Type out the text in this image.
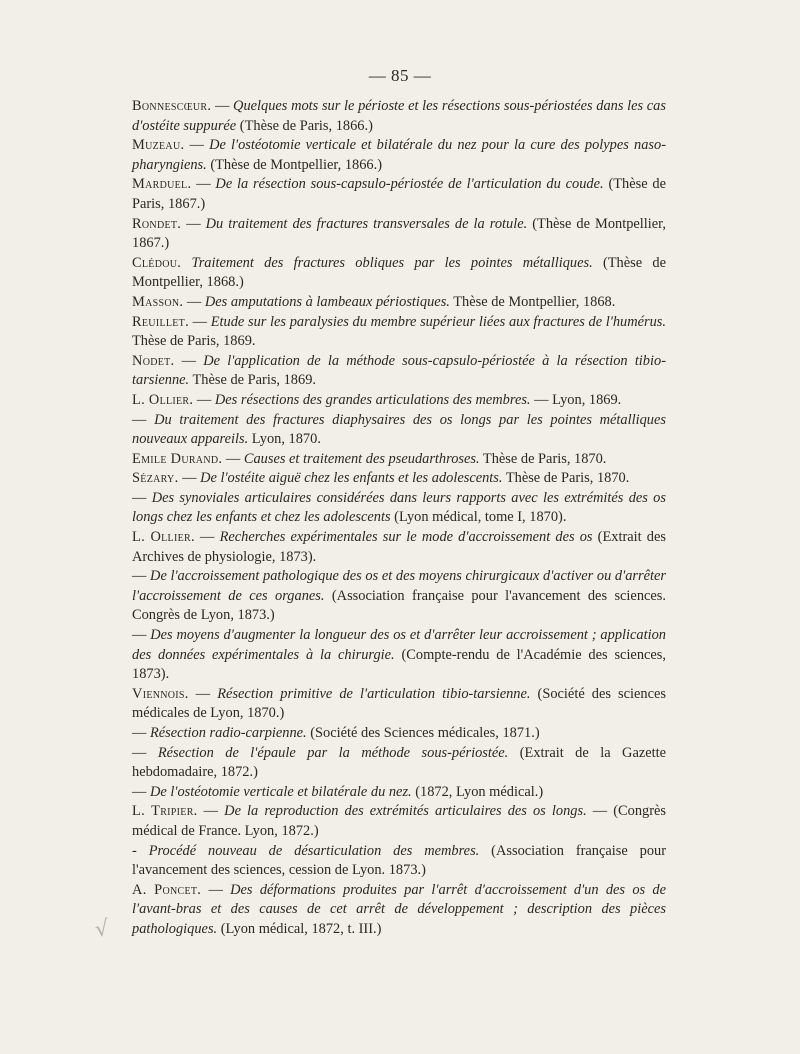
— 85 —

Bonnescœur. — Quelques mots sur le périoste et les résections sous-périostées dans les cas d'ostéite suppurée (Thèse de Paris, 1866.)

Muzeau. — De l'ostéotomie verticale et bilatérale du nez pour la cure des polypes naso-pharyngiens. (Thèse de Montpellier, 1866.)

Marduel. — De la résection sous-capsulo-périostée de l'articulation du coude. (Thèse de Paris, 1867.)

Rondet. — Du traitement des fractures transversales de la rotule. (Thèse de Montpellier, 1867.)

Clédou. Traitement des fractures obliques par les pointes métalliques. (Thèse de Montpellier, 1868.)

Masson. — Des amputations à lambeaux périostiques. Thèse de Montpellier, 1868.

Reuillet. — Etude sur les paralysies du membre supérieur liées aux fractures de l'humérus. Thèse de Paris, 1869.

Nodet. — De l'application de la méthode sous-capsulo-périostée à la résection tibio-tarsienne. Thèse de Paris, 1869.

L. Ollier. — Des résections des grandes articulations des membres. — Lyon, 1869.

— Du traitement des fractures diaphysaires des os longs par les pointes métalliques nouveaux appareils. Lyon, 1870.

Emile Durand. — Causes et traitement des pseudarthroses. Thèse de Paris, 1870.

Sézary. — De l'ostéite aiguë chez les enfants et les adolescents. Thèse de Paris, 1870.

— Des synoviales articulaires considérées dans leurs rapports avec les extrémités des os longs chez les enfants et chez les adolescents (Lyon médical, tome I, 1870).

L. Ollier. — Recherches expérimentales sur le mode d'accroissement des os (Extrait des Archives de physiologie, 1873).

— De l'accroissement pathologique des os et des moyens chirurgicaux d'activer ou d'arrêter l'accroissement de ces organes. (Association française pour l'avancement des sciences. Congrès de Lyon, 1873.)

— Des moyens d'augmenter la longueur des os et d'arrêter leur accroissement ; application des données expérimentales à la chirurgie. (Compte-rendu de l'Académie des sciences, 1873).

Viennois. — Résection primitive de l'articulation tibio-tarsienne. (Société des sciences médicales de Lyon, 1870.)

— Résection radio-carpienne. (Société des Sciences médicales, 1871.)

— Résection de l'épaule par la méthode sous-périostée. (Extrait de la Gazette hebdomadaire, 1872.)

— De l'ostéotomie verticale et bilatérale du nez. (1872, Lyon médical.)

L. Tripier. — De la reproduction des extrémités articulaires des os longs. — (Congrès médical de France. Lyon, 1872.)

- Procédé nouveau de désarticulation des membres. (Association française pour l'avancement des sciences, cession de Lyon. 1873.)

A. Poncet. — Des déformations produites par l'arrêt d'accroissement d'un des os de l'avant-bras et des causes de cet arrêt de développement ; description des pièces pathologiques. (Lyon médical, 1872, t. III.)

√
